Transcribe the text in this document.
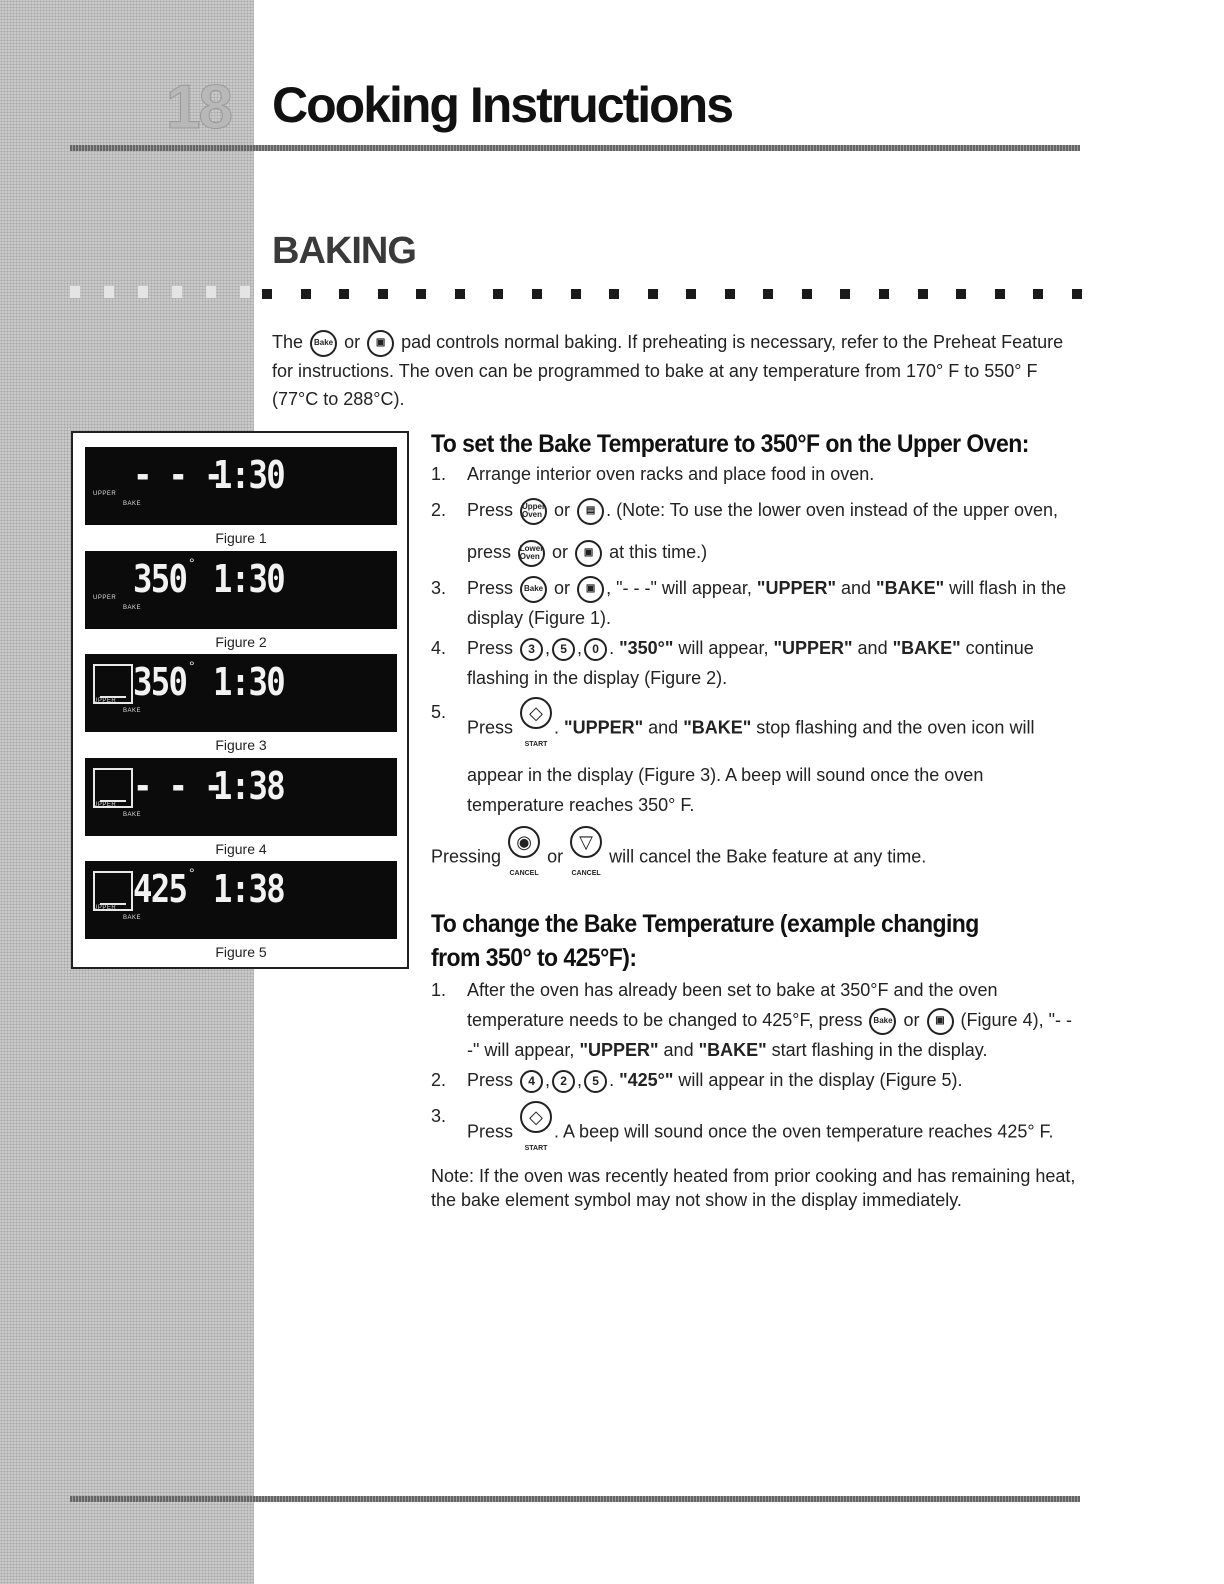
18 Cooking Instructions
BAKING
The Bake or ▣ pad controls normal baking. If preheating is necessary, refer to the Preheat Feature for instructions. The oven can be programmed to bake at any temperature from 170° F to 550° F (77°C to 288°C).
- - -
1:30
UPPER
BAKE
Figure 1
350 ° 1:30
UPPER
BAKE
Figure 2
350 ° 1:30
UPPER
BAKE
Figure 3
- - -
1:38
UPPER
BAKE
Figure 4
425 ° 1:38
UPPER
BAKE
Figure 5
To set the Bake Temperature to 350°F on the Upper Oven:
1.	Arrange interior oven racks and place food in oven.
2.	Press Upper Oven or ▤ . (Note: To use the lower oven instead of the upper oven, press Lower Oven or ▣ at this time.)
3.	Press Bake or ▣ , "- - -" will appear, "UPPER" and "BAKE" will flash in the display (Figure 1).
4.	Press 3 , 5 , 0 . "350°" will appear, "UPPER" and "BAKE" continue flashing in the display (Figure 2).
5.
Press
◇
START
. "UPPER" and "BAKE" stop flashing and the oven icon will appear in the display (Figure 3). A beep will sound once the oven temperature reaches 350° F.
Pressing
◉
CANCEL
or
▽
CANCEL
will cancel the Bake feature at any time.
To change the Bake Temperature (example changing from 350° to 425°F):
1.	After the oven has already been set to bake at 350°F and the oven temperature needs to be changed to 425°F, press Bake or ▣ (Figure 4), "- - -" will appear, "UPPER" and "BAKE" start flashing in the display.
2.	Press 4 , 2 , 5 . "425°" will appear in the display (Figure 5).
3.
Press
◇
START
. A beep will sound once the oven temperature reaches 425° F.
Note: If the oven was recently heated from prior cooking and has remaining heat, the bake element symbol may not show in the display immediately.
